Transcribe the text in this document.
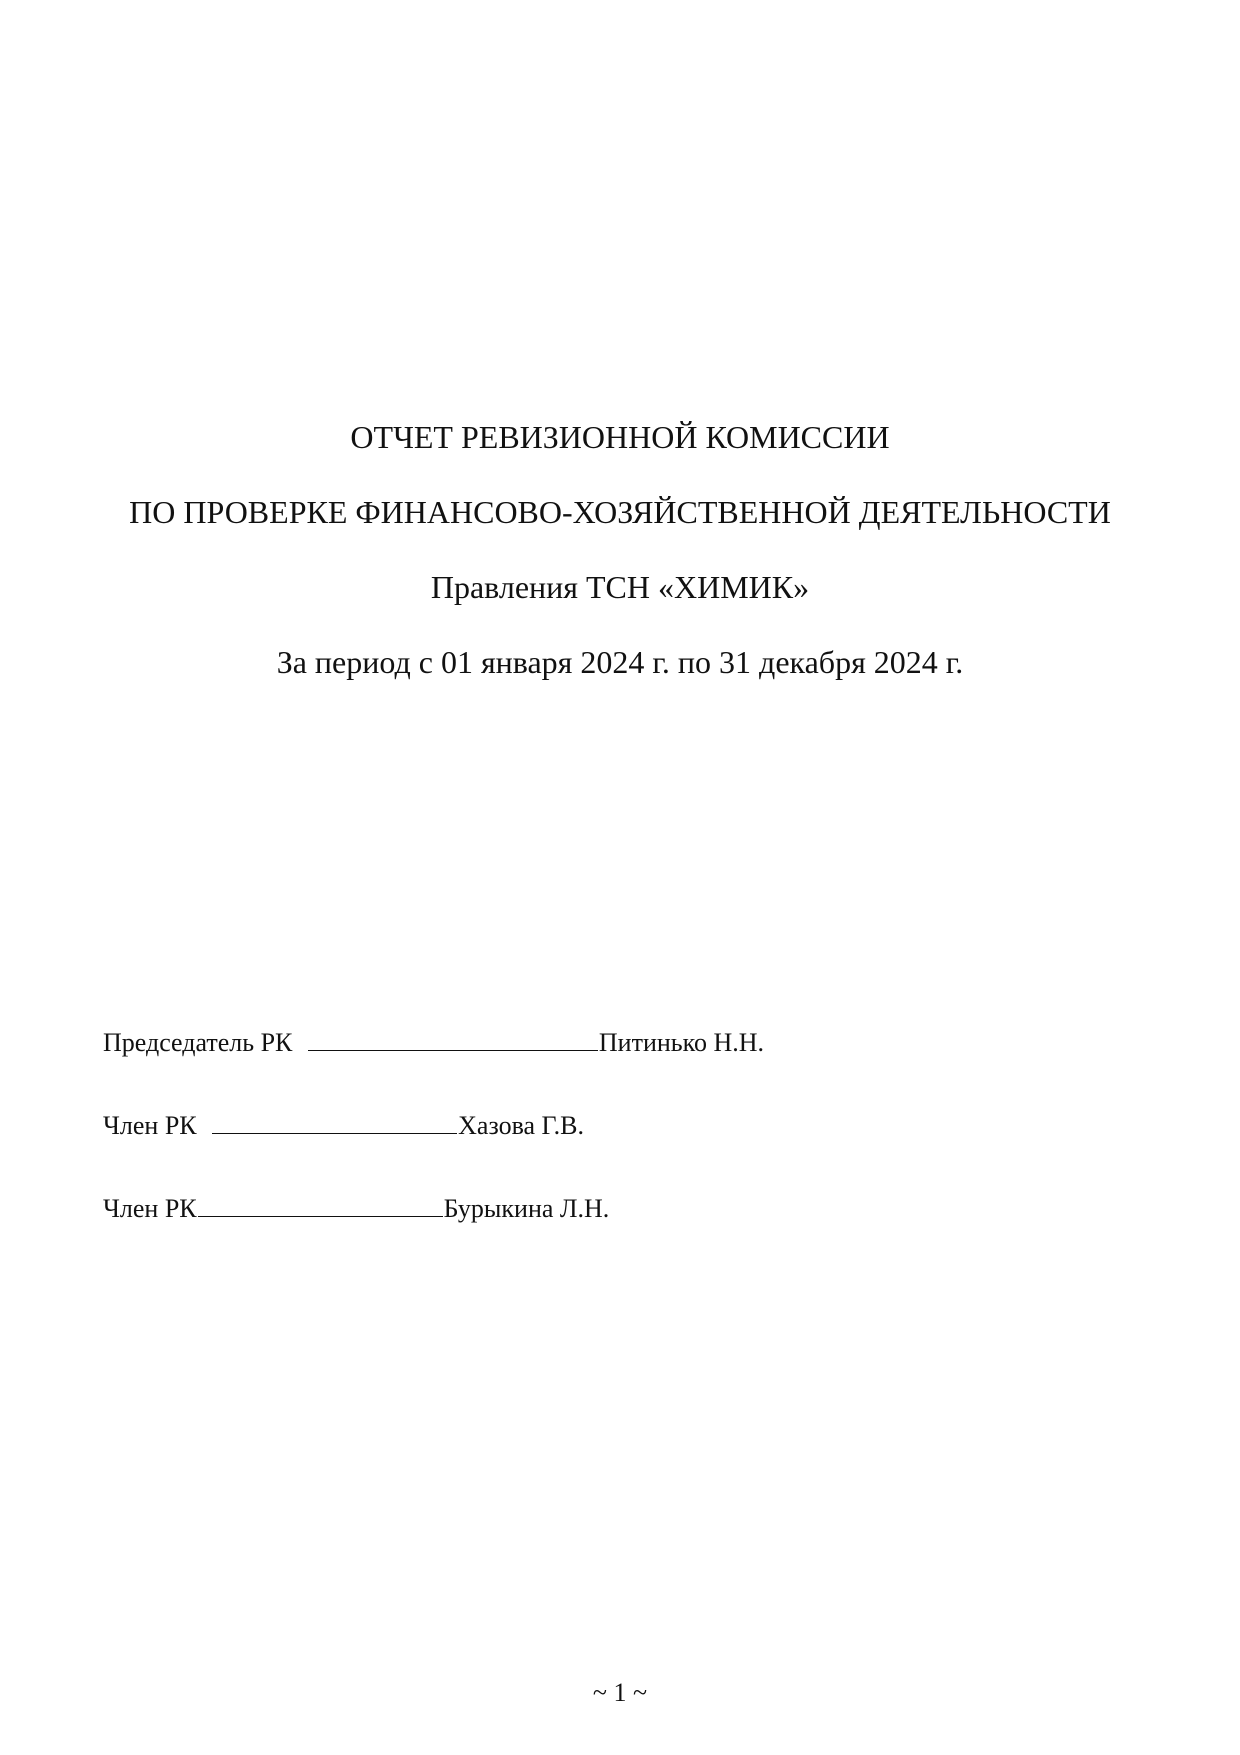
ОТЧЕТ РЕВИЗИОННОЙ КОМИССИИ
ПО ПРОВЕРКЕ ФИНАНСОВО-ХОЗЯЙСТВЕННОЙ ДЕЯТЕЛЬНОСТИ
Правления ТСН «ХИМИК»
За период с 01 января 2024 г. по 31 декабря 2024 г.
Председатель РК	Питинько Н.Н.
Член РК	Хазова Г.В.
Член РК	Бурыкина Л.Н.
~ 1 ~
